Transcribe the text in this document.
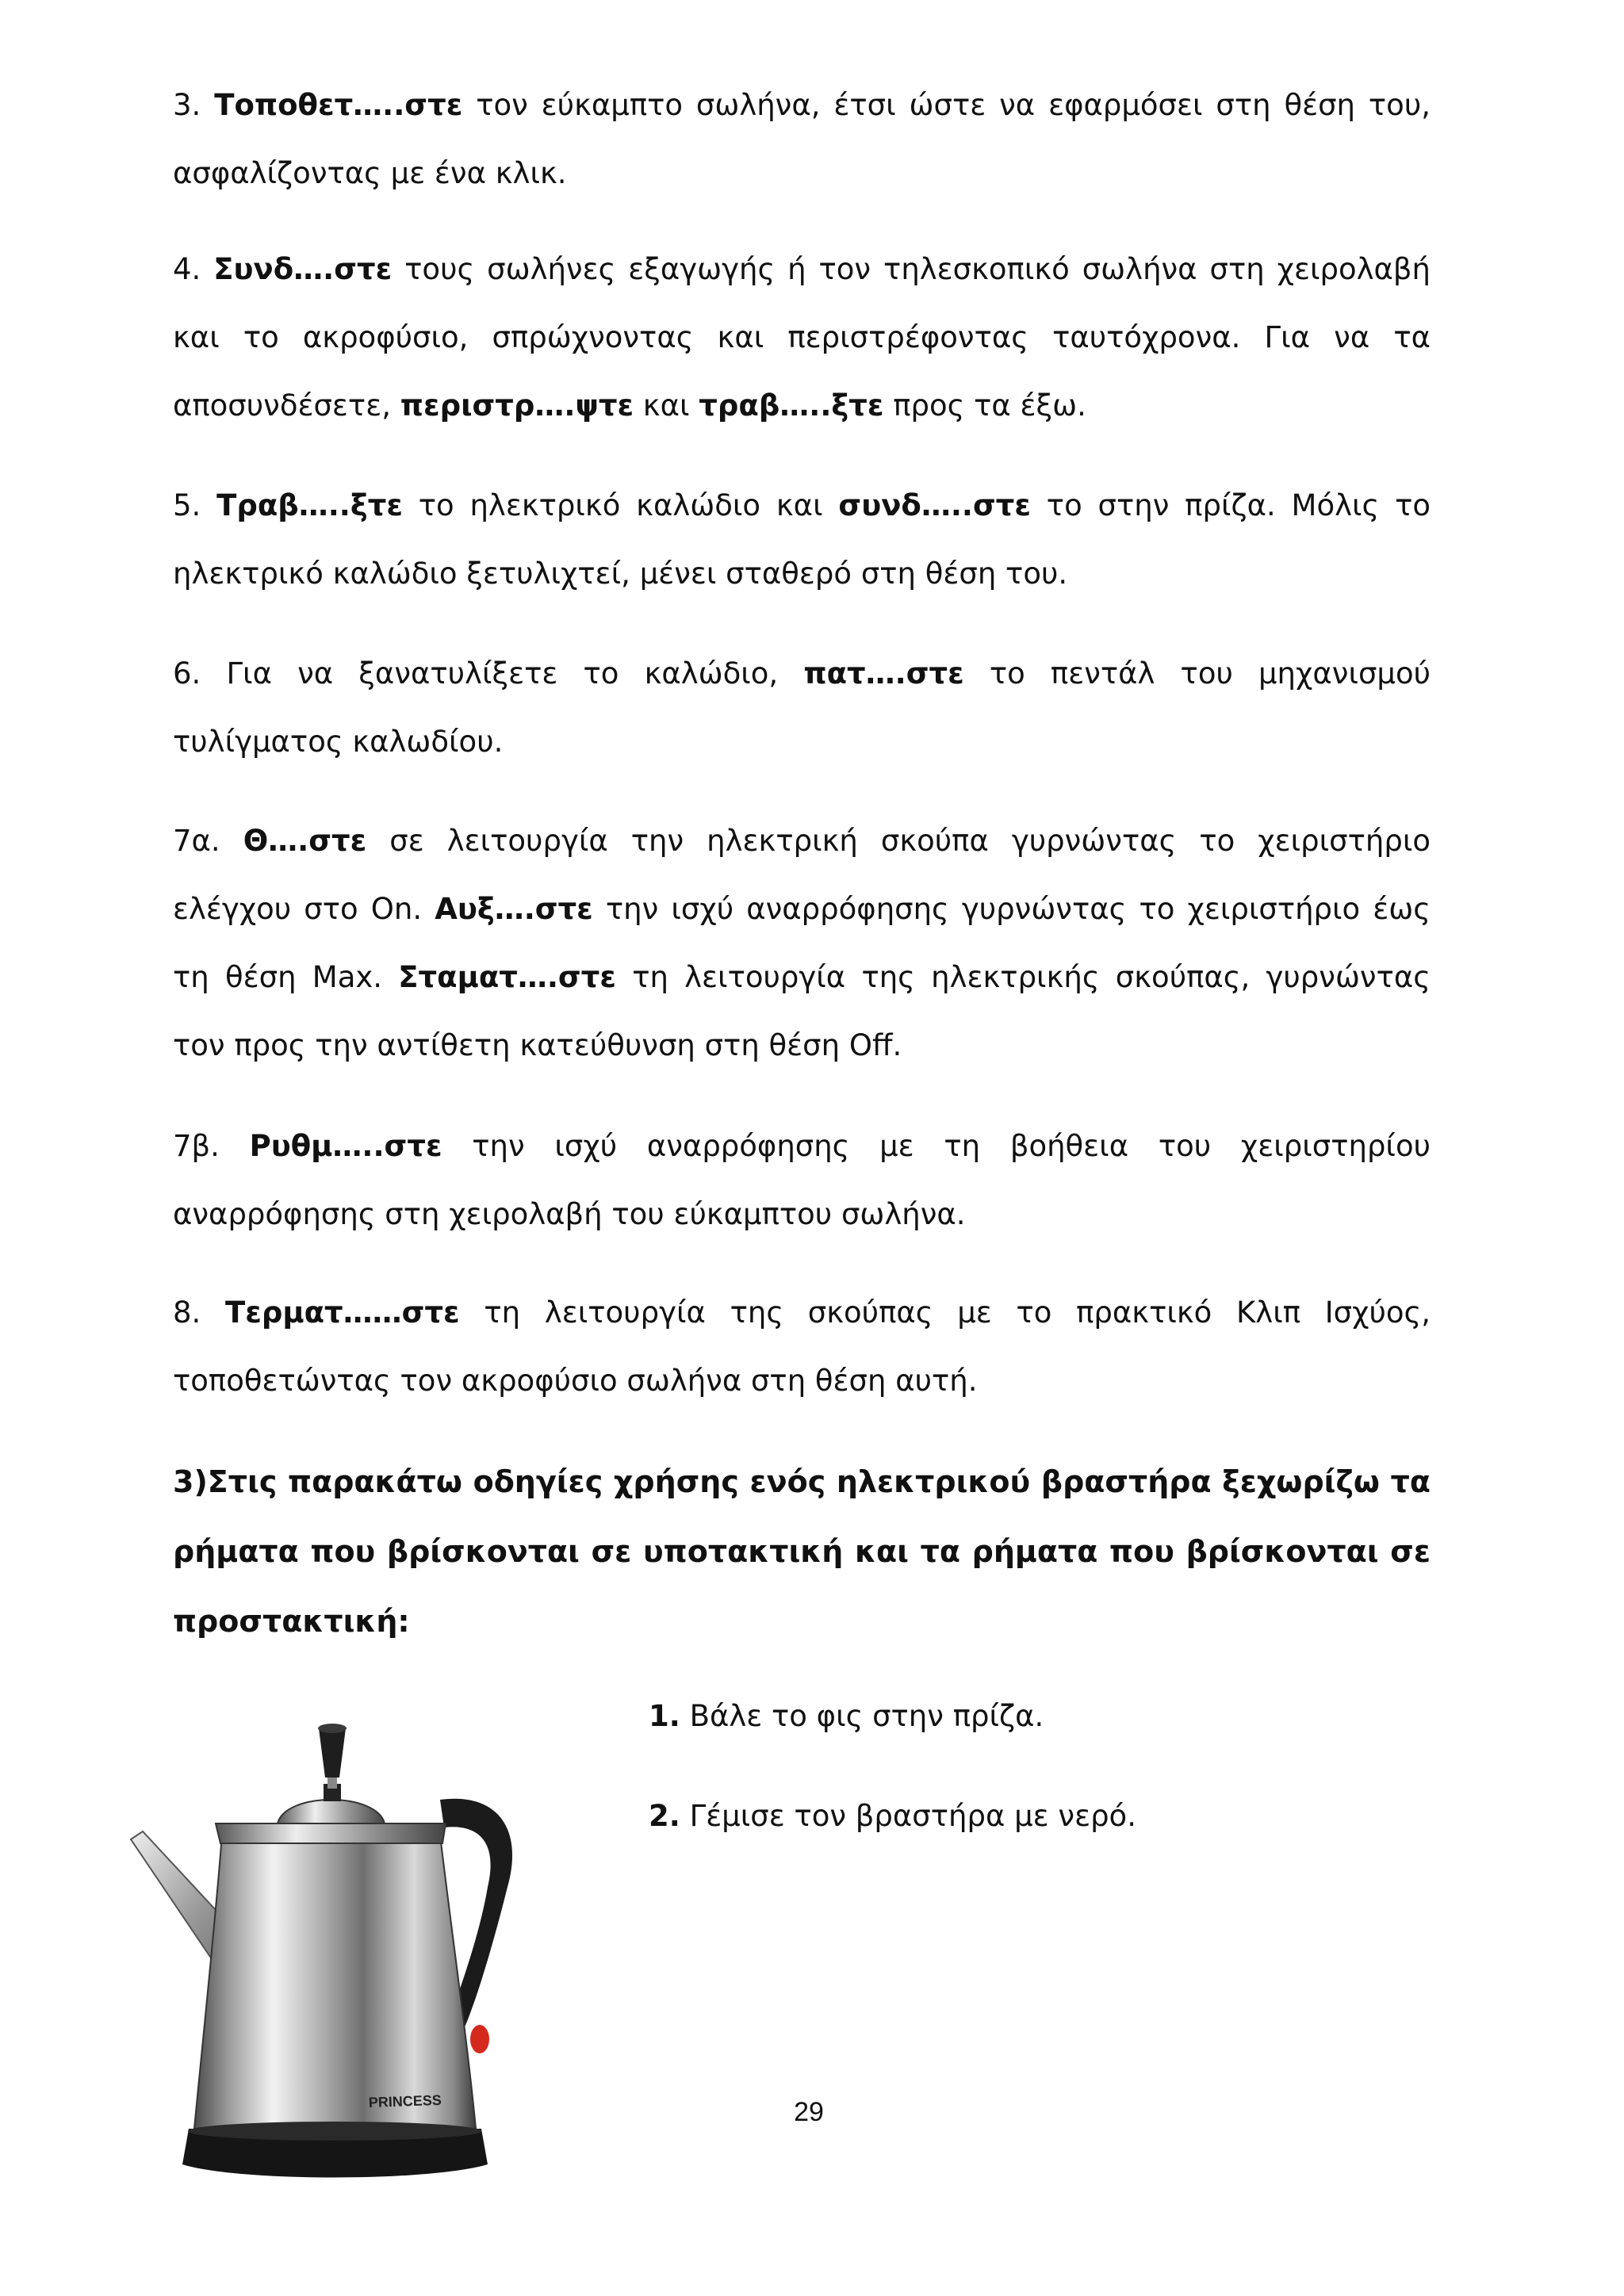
3. Τοποθετ…..στε τον εύκαμπτο σωλήνα, έτσι ώστε να εφαρμόσει στη θέση του, ασφαλίζοντας με ένα κλικ.

4. Συνδ….στε τους σωλήνες εξαγωγής ή τον τηλεσκοπικό σωλήνα στη χειρολαβή και το ακροφύσιο, σπρώχνοντας και περιστρέφοντας ταυτόχρονα. Για να τα αποσυνδέσετε, περιστρ….ψτε και τραβ…..ξτε προς τα έξω.

5. Τραβ…..ξτε το ηλεκτρικό καλώδιο και συνδ…..στε το στην πρίζα. Μόλις το ηλεκτρικό καλώδιο ξετυλιχτεί, μένει σταθερό στη θέση του.

6. Για να ξανατυλίξετε το καλώδιο, πατ….στε το πεντάλ του μηχανισμού τυλίγματος καλωδίου.

7α. Θ….στε σε λειτουργία την ηλεκτρική σκούπα γυρνώντας το χειριστήριο ελέγχου στο On. Αυξ….στε την ισχύ αναρρόφησης γυρνώντας το χειριστήριο έως τη θέση Max. Σταματ….στε τη λειτουργία της ηλεκτρικής σκούπας, γυρνώντας τον προς την αντίθετη κατεύθυνση στη θέση Off.

7β. Ρυθμ…..στε την ισχύ αναρρόφησης με τη βοήθεια του χειριστηρίου αναρρόφησης στη χειρολαβή του εύκαμπτου σωλήνα.

8. Τερματ……στε τη λειτουργία της σκούπας με το πρακτικό Κλιπ Ισχύος, τοποθετώντας τον ακροφύσιο σωλήνα στη θέση αυτή.

3)Στις παρακάτω οδηγίες χρήσης ενός ηλεκτρικού βραστήρα ξεχωρίζω τα ρήματα που βρίσκονται σε υποτακτική και τα ρήματα που βρίσκονται σε προστακτική:

PRINCESS
1. Βάλε το φις στην πρίζα.
2. Γέμισε τον βραστήρα με νερό.
29
